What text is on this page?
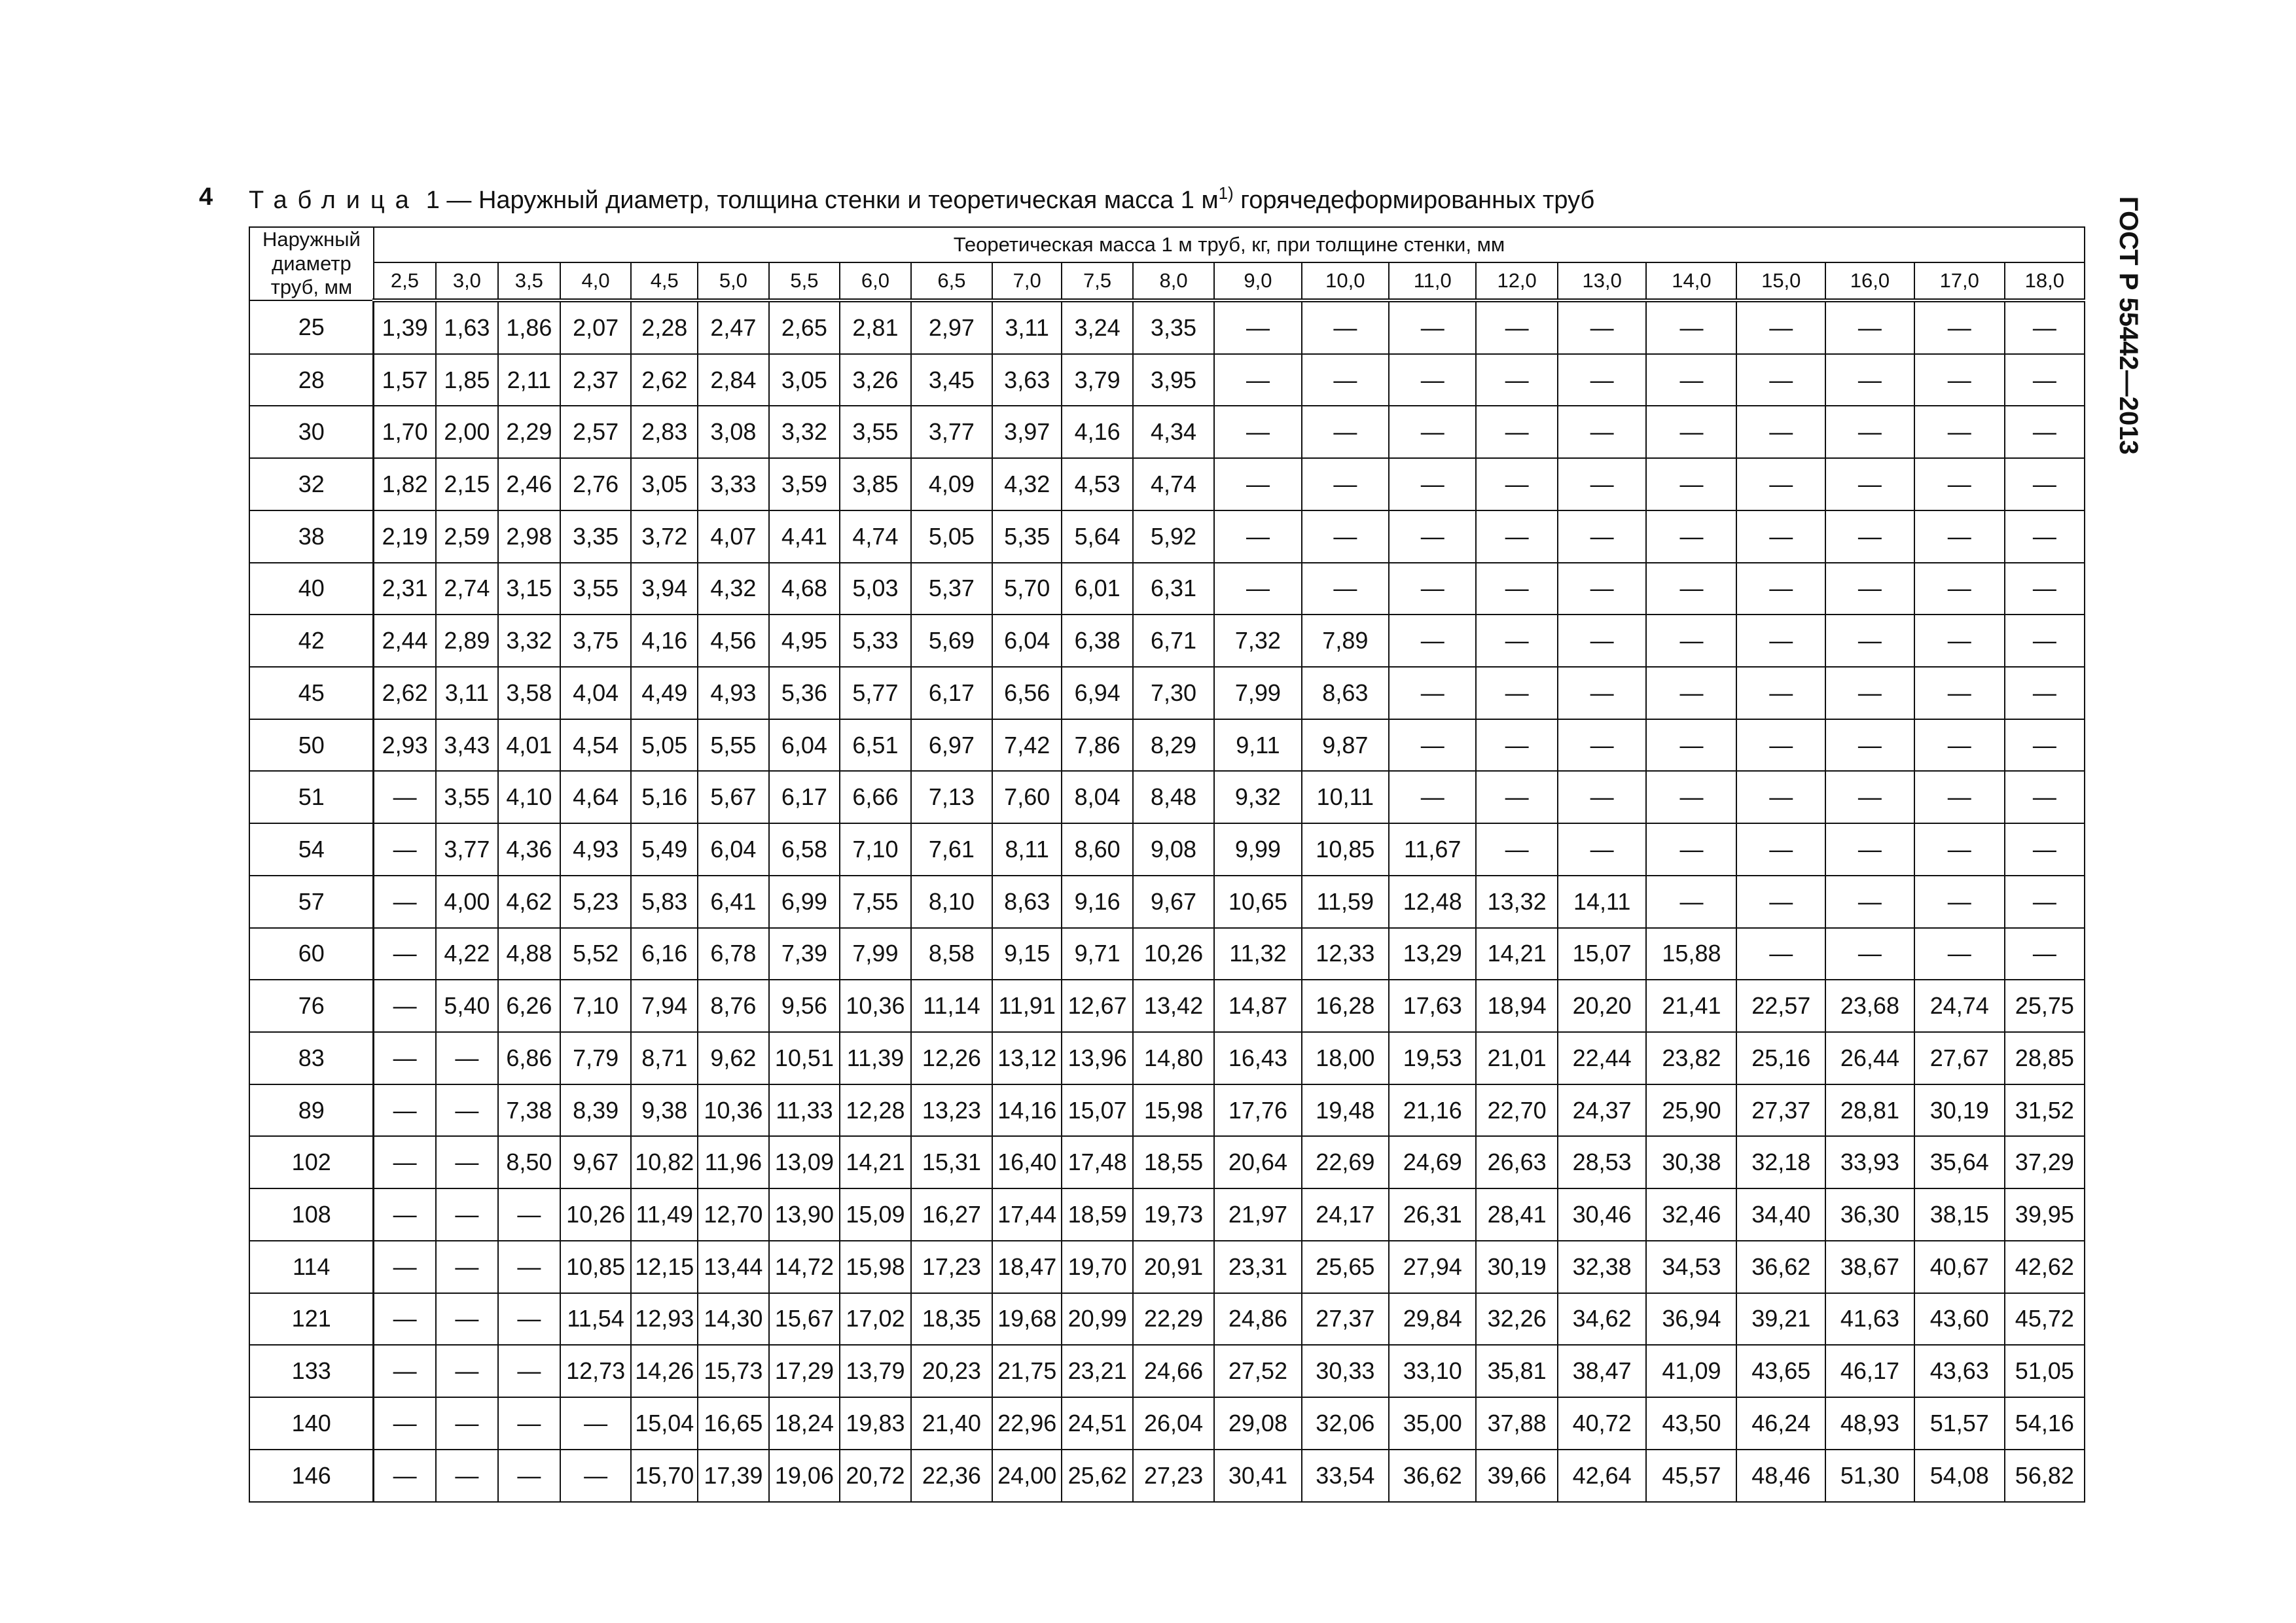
4 Таблица 1 — Наружный диаметр, толщина стенки и теоретическая масса 1 $м^{1)}$ горячедеформированных труб	ГОСТ Р 55442—2013
Наружный диаметр труб, мм	Теоретическая масса 1 м труб, кг, при толщине стенки, мм																					
	2,5	3,0	3,5	4,0	4,5	5,0	5,5	6,0	6,5	7,0	7,5	8,0	9,0	10,0	11,0	12,0	13,0	14,0	15,0	16,0	17,0	18,0
25	1,39	1,63	1,86	2,07	2,28	2,47	2,65	2,81	2,97	3,11	3,24	3,35	—	—	—	—	—	—	—	—	—	—
28	1,57	1,85	2,11	2,37	2,62	2,84	3,05	3,26	3,45	3,63	3,79	3,95	—	—	—	—	—	—	—	—	—	—
30	1,70	2,00	2,29	2,57	2,83	3,08	3,32	3,55	3,77	3,97	4,16	4,34	—	—	—	—	—	—	—	—	—	—
32	1,82	2,15	2,46	2,76	3,05	3,33	3,59	3,85	4,09	4,32	4,53	4,74	—	—	—	—	—	—	—	—	—	—
38	2,19	2,59	2,98	3,35	3,72	4,07	4,41	4,74	5,05	5,35	5,64	5,92	—	—	—	—	—	—	—	—	—	—
40	2,31	2,74	3,15	3,55	3,94	4,32	4,68	5,03	5,37	5,70	6,01	6,31	—	—	—	—	—	—	—	—	—	—
42	2,44	2,89	3,32	3,75	4,16	4,56	4,95	5,33	5,69	6,04	6,38	6,71	7,32	7,89	—	—	—	—	—	—	—	—
45	2,62	3,11	3,58	4,04	4,49	4,93	5,36	5,77	6,17	6,56	6,94	7,30	7,99	8,63	—	—	—	—	—	—	—	—
50	2,93	3,43	4,01	4,54	5,05	5,55	6,04	6,51	6,97	7,42	7,86	8,29	9,11	9,87	—	—	—	—	—	—	—	—
51	—	3,55	4,10	4,64	5,16	5,67	6,17	6,66	7,13	7,60	8,04	8,48	9,32	10,11	—	—	—	—	—	—	—	—
54	—	3,77	4,36	4,93	5,49	6,04	6,58	7,10	7,61	8,11	8,60	9,08	9,99	10,85	11,67	—	—	—	—	—	—	—
57	—	4,00	4,62	5,23	5,83	6,41	6,99	7,55	8,10	8,63	9,16	9,67	10,65	11,59	12,48	13,32	14,11	—	—	—	—	—
60	—	4,22	4,88	5,52	6,16	6,78	7,39	7,99	8,58	9,15	9,71	10,26	11,32	12,33	13,29	14,21	15,07	15,88	—	—	—	—
76	—	5,40	6,26	7,10	7,94	8,76	9,56	10,36	11,14	11,91	12,67	13,42	14,87	16,28	17,63	18,94	20,20	21,41	22,57	23,68	24,74	25,75
83	—	—	6,86	7,79	8,71	9,62	10,51	11,39	12,26	13,12	13,96	14,80	16,43	18,00	19,53	21,01	22,44	23,82	25,16	26,44	27,67	28,85
89	—	—	7,38	8,39	9,38	10,36	11,33	12,28	13,23	14,16	15,07	15,98	17,76	19,48	21,16	22,70	24,37	25,90	27,37	28,81	30,19	31,52
102	—	—	8,50	9,67	10,82	11,96	13,09	14,21	15,31	16,40	17,48	18,55	20,64	22,69	24,69	26,63	28,53	30,38	32,18	33,93	35,64	37,29
108	—	—	—	10,26	11,49	12,70	13,90	15,09	16,27	17,44	18,59	19,73	21,97	24,17	26,31	28,41	30,46	32,46	34,40	36,30	38,15	39,95
114	—	—	—	10,85	12,15	13,44	14,72	15,98	17,23	18,47	19,70	20,91	23,31	25,65	27,94	30,19	32,38	34,53	36,62	38,67	40,67	42,62
121	—	—	—	11,54	12,93	14,30	15,67	17,02	18,35	19,68	20,99	22,29	24,86	27,37	29,84	32,26	34,62	36,94	39,21	41,63	43,60	45,72
133	—	—	—	12,73	14,26	15,73	17,29	13,79	20,23	21,75	23,21	24,66	27,52	30,33	33,10	35,81	38,47	41,09	43,65	46,17	43,63	51,05
140	—	—	—	—	15,04	16,65	18,24	19,83	21,40	22,96	24,51	26,04	29,08	32,06	35,00	37,88	40,72	43,50	46,24	48,93	51,57	54,16
146	—	—	—	—	15,70	17,39	19,06	20,72	22,36	24,00	25,62	27,23	30,41	33,54	36,62	39,66	42,64	45,57	48,46	51,30	54,08	56,82
